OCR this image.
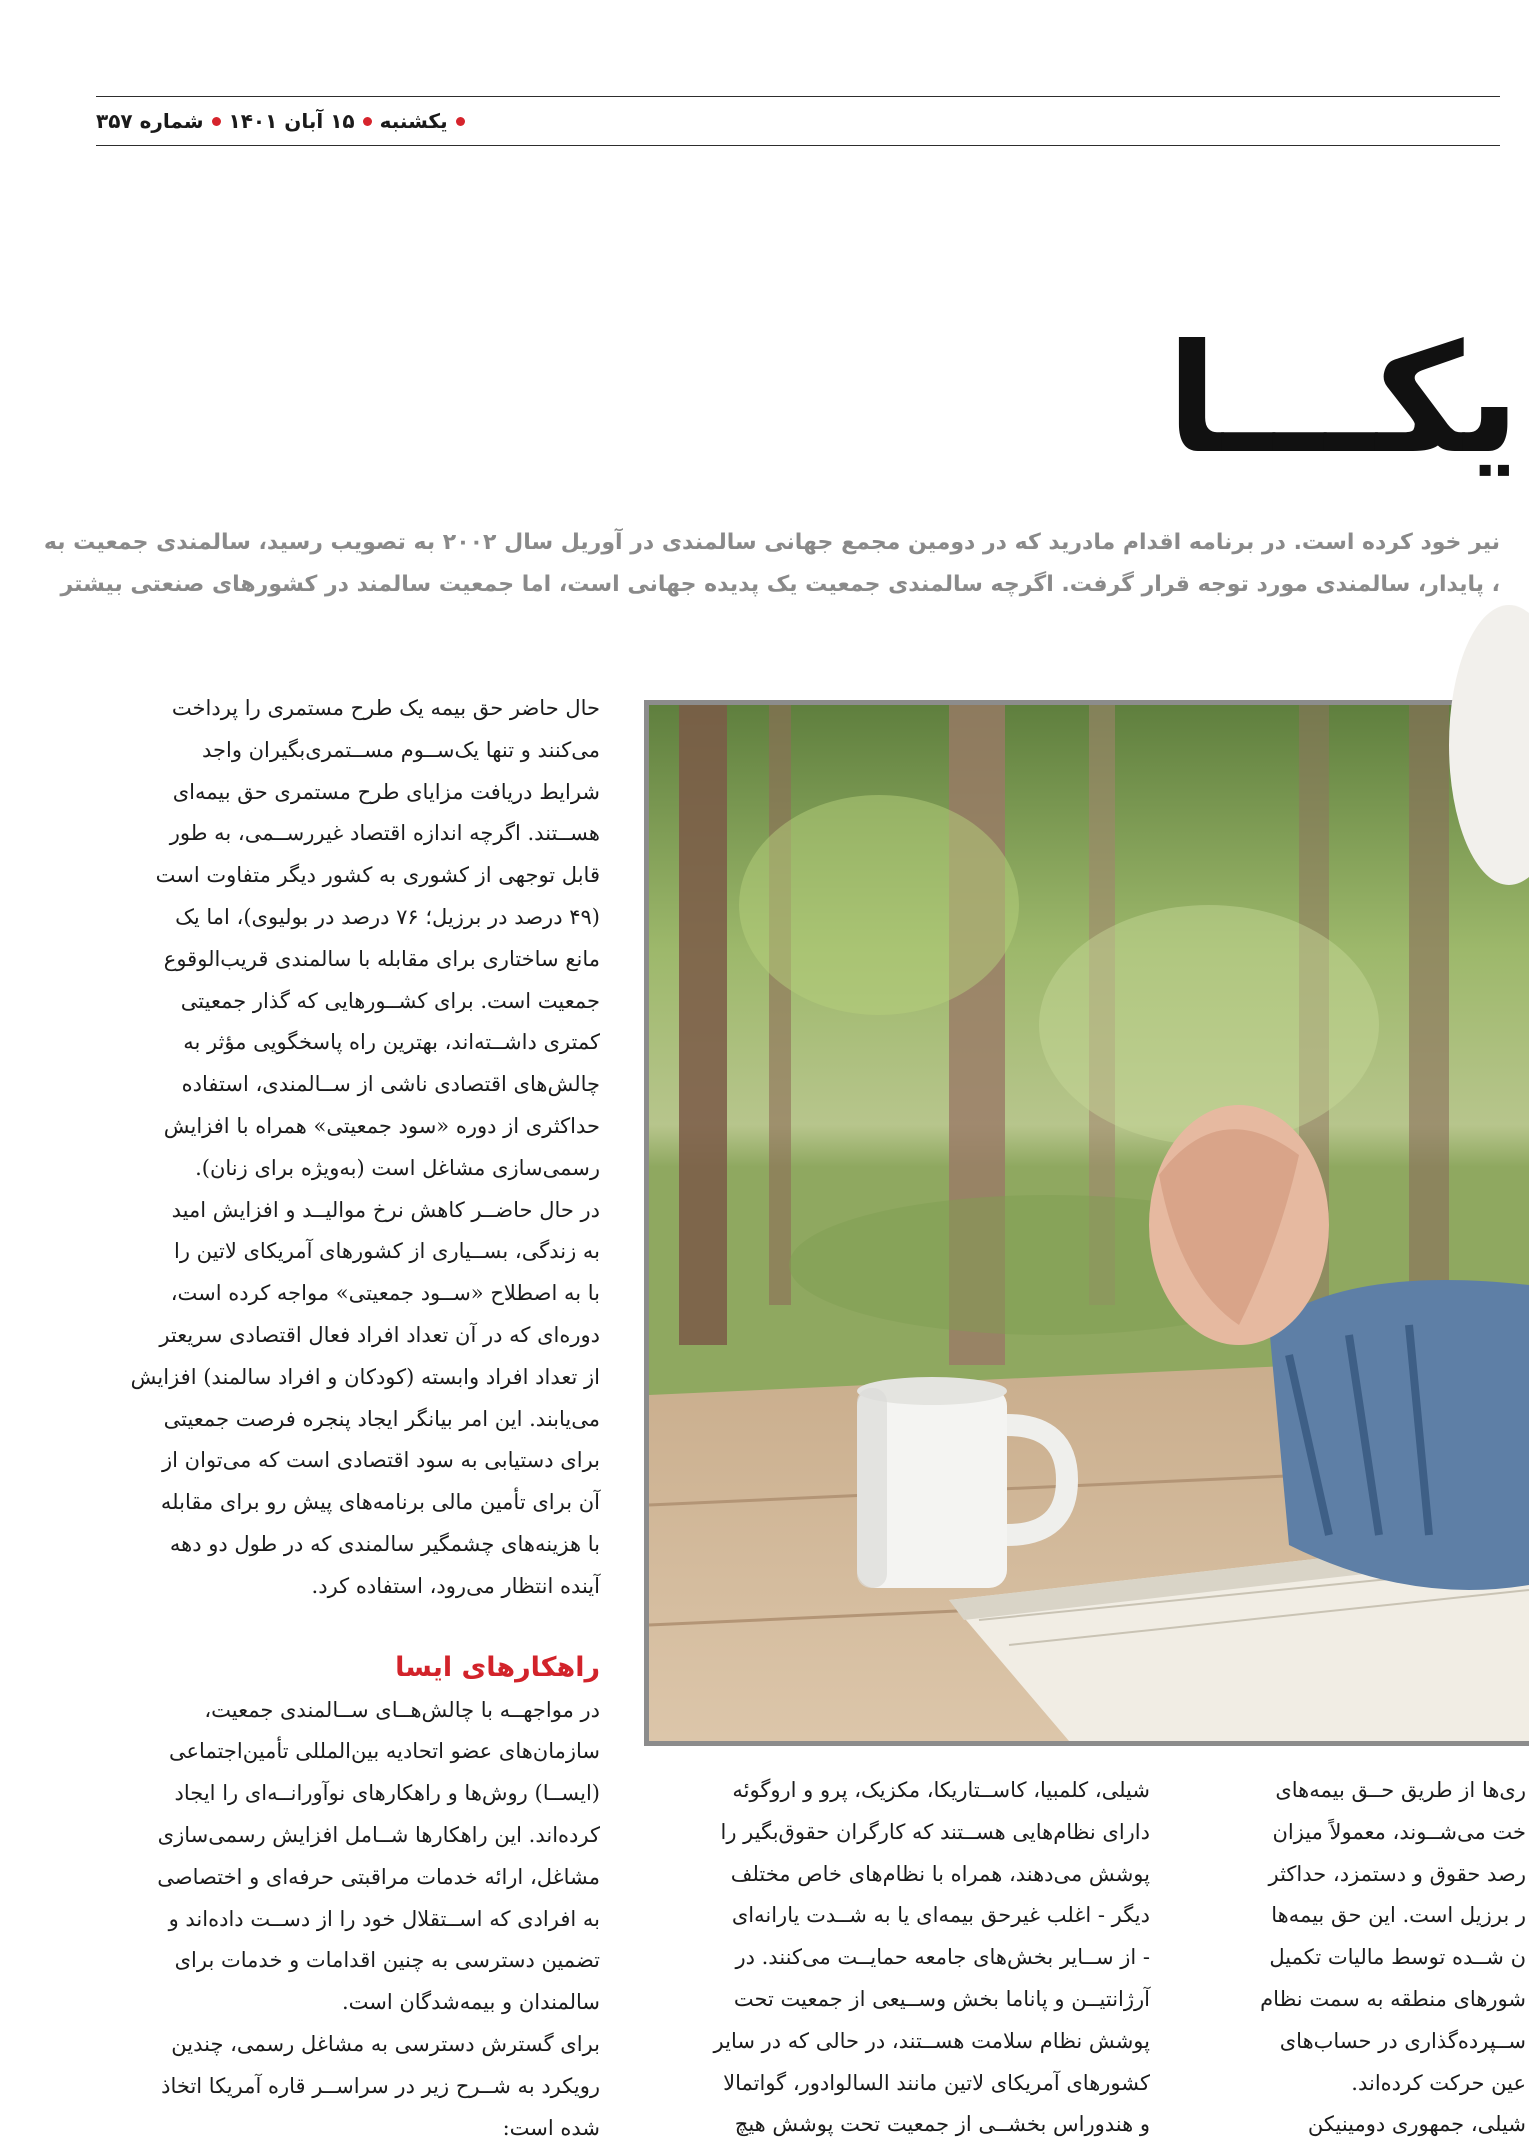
یکشنبه
۱۵ آبان ۱۴۰۱
شماره ۳۵۷
یکـــا
نیر خود کرده است. در برنامه اقدام مادرید که در دومین مجمع جهانی سالمندی در آوریل سال ۲۰۰۲ به تصویب رسید، سالمندی جمعیت به
، پایدار، سالمندی مورد توجه قرار گرفت. اگرچه سالمندی جمعیت یک پدیده جهانی است، اما جمعیت سالمند در کشورهای صنعتی بیشتر

حال حاضر حق بیمه یک طرح مستمری را پرداخت
می‌کنند و تنها یک‌ســوم مســتمری‌بگیران واجد
شرایط دریافت مزایای طرح مستمری حق بیمه‌ای
هســتند. اگرچه اندازه اقتصاد غیررســمی، به طور
قابل توجهی از کشوری به کشور دیگر متفاوت است
(۴۹ درصد در برزیل؛ ۷۶ درصد در بولیوی)، اما یک
مانع ساختاری برای مقابله با سالمندی قریب‌الوقوع
جمعیت است. برای کشــورهایی که گذار جمعیتی
کمتری داشــته‌اند، بهترین راه پاسخگویی مؤثر به
چالش‌های اقتصادی ناشی از ســالمندی، استفاده
حداکثری از دوره «سود جمعیتی» همراه با افزایش
رسمی‌سازی مشاغل است (به‌ویژه برای زنان).

در حال حاضــر کاهش نرخ موالیــد و افزایش امید
به زندگی، بســیاری از کشورهای آمریکای لاتین را
با به اصطلاح «ســود جمعیتی» مواجه کرده است،
دوره‌ای که در آن تعداد افراد فعال اقتصادی سریعتر
از تعداد افراد وابسته (کودکان و افراد سالمند) افزایش
می‌یابند. این امر بیانگر ایجاد پنجره فرصت جمعیتی
برای دستیابی به سود اقتصادی است که می‌توان از
آن برای تأمین مالی برنامه‌های پیش رو برای مقابله
با هزینه‌های چشمگیر سالمندی که در طول دو دهه
آینده انتظار می‌رود، استفاده کرد.

راهکارهای ایسا

در مواجهــه با چالش‌هــای ســالمندی جمعیت،
سازمان‌های عضو اتحادیه بین‌المللی تأمین‌اجتماعی
(ایســا) روش‌ها و راهکارهای نوآورانــه‌ای را ایجاد
کرده‌اند. این راهکارها شــامل افزایش رسمی‌سازی
مشاغل، ارائه خدمات مراقبتی حرفه‌ای و اختصاصی
به افرادی که اســتقلال خود را از دســت داده‌اند و
تضمین دسترسی به چنین اقدامات و خدمات برای
سالمندان و بیمه‌شدگان است.

برای گسترش دسترسی به مشاغل رسمی، چندین
رویکرد به شــرح زیر در سراســر قاره آمریکا اتخاذ
شده است:

شیلی، کلمبیا، کاســتاریکا، مکزیک، پرو و اروگوئه
دارای نظام‌هایی هســتند که کارگران حقوق‌بگیر را
پوشش می‌دهند، همراه با نظام‌های خاص مختلف
دیگر - اغلب غیرحق بیمه‌ای یا به شــدت یارانه‌ای
- از ســایر بخش‌های جامعه حمایــت می‌کنند. در
آرژانتیــن و پاناما بخش وســیعی از جمعیت تحت
پوشش نظام سلامت هســتند، در حالی که در سایر
کشورهای آمریکای لاتین مانند السالوادور، گواتمالا
و هندوراس بخشــی از جمعیت تحت پوشش هیچ

ری‌ها از طریق حــق بیمه‌های
خت می‌شــوند، معمولاً میزان
رصد حقوق و دستمزد، حداکثر
ر برزیل است. این حق بیمه‌ها
ن شــده توسط مالیات تکمیل
شورهای منطقه به سمت نظام
ســپرده‌گذاری در حساب‌های
عین حرکت کرده‌اند.
شیلی، جمهوری دومینیکن
